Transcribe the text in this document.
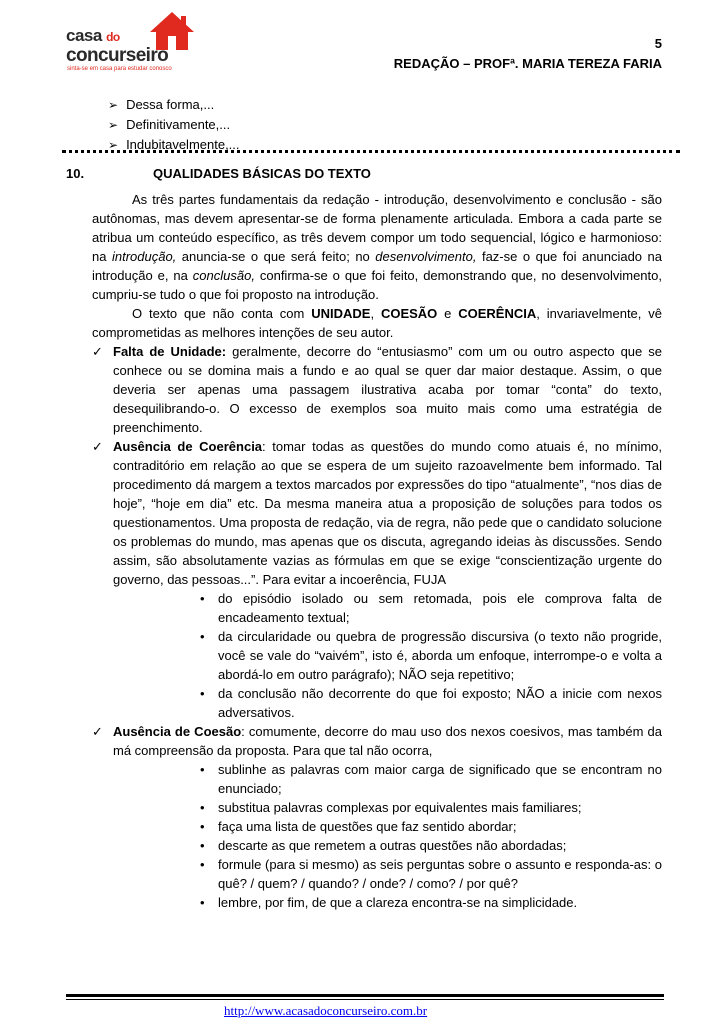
casa do
concurseiro
sinta-se em casa para estudar conosco
5
REDAÇÃO – PROFª. MARIA TEREZA FARIA
➢ Dessa forma,...
➢ Definitivamente,...
➢ Indubitavelmente,...
10.	QUALIDADES BÁSICAS DO TEXTO

As três partes fundamentais da redação - introdução, desenvolvimento e conclusão - são autônomas, mas devem apresentar-se de forma plenamente articulada. Embora a cada parte se atribua um conteúdo específico, as três devem compor um todo sequencial, lógico e harmonioso: na introdução, anuncia-se o que será feito; no desenvolvimento, faz-se o que foi anunciado na introdução e, na conclusão, confirma-se o que foi feito, demonstrando que, no desenvolvimento, cumpriu-se tudo o que foi proposto na introdução.

O texto que não conta com UNIDADE, COESÃO e COERÊNCIA, invariavelmente, vê comprometidas as melhores intenções de seu autor.

✓ Falta de Unidade: geralmente, decorre do “entusiasmo” com um ou outro aspecto que se conhece ou se domina mais a fundo e ao qual se quer dar maior destaque. Assim, o que deveria ser apenas uma passagem ilustrativa acaba por tomar “conta” do texto, desequilibrando-o. O excesso de exemplos soa muito mais como uma estratégia de preenchimento.

✓ Ausência de Coerência: tomar todas as questões do mundo como atuais é, no mínimo, contraditório em relação ao que se espera de um sujeito razoavelmente bem informado. Tal procedimento dá margem a textos marcados por expressões do tipo “atualmente”, “nos dias de hoje”, “hoje em dia” etc. Da mesma maneira atua a proposição de soluções para todos os questionamentos. Uma proposta de redação, via de regra, não pede que o candidato solucione os problemas do mundo, mas apenas que os discuta, agregando ideias às discussões. Sendo assim, são absolutamente vazias as fórmulas em que se exige “conscientização urgente do governo, das pessoas...”. Para evitar a incoerência, FUJA

• do episódio isolado ou sem retomada, pois ele comprova falta de encadeamento textual;
• da circularidade ou quebra de progressão discursiva (o texto não progride, você se vale do “vaivém”, isto é, aborda um enfoque, interrompe-o e volta a abordá-lo em outro parágrafo); NÃO seja repetitivo;
• da conclusão não decorrente do que foi exposto; NÃO a inicie com nexos adversativos.

✓ Ausência de Coesão: comumente, decorre do mau uso dos nexos coesivos, mas também da má compreensão da proposta. Para que tal não ocorra,

• sublinhe as palavras com maior carga de significado que se encontram no enunciado;
• substitua palavras complexas por equivalentes mais familiares;
• faça uma lista de questões que faz sentido abordar;
• descarte as que remetem a outras questões não abordadas;
• formule (para si mesmo) as seis perguntas sobre o assunto e responda-as: o quê? / quem? / quando? / onde? / como? / por quê?
• lembre, por fim, de que a clareza encontra-se na simplicidade.
http://www.acasadoconcurseiro.com.br
